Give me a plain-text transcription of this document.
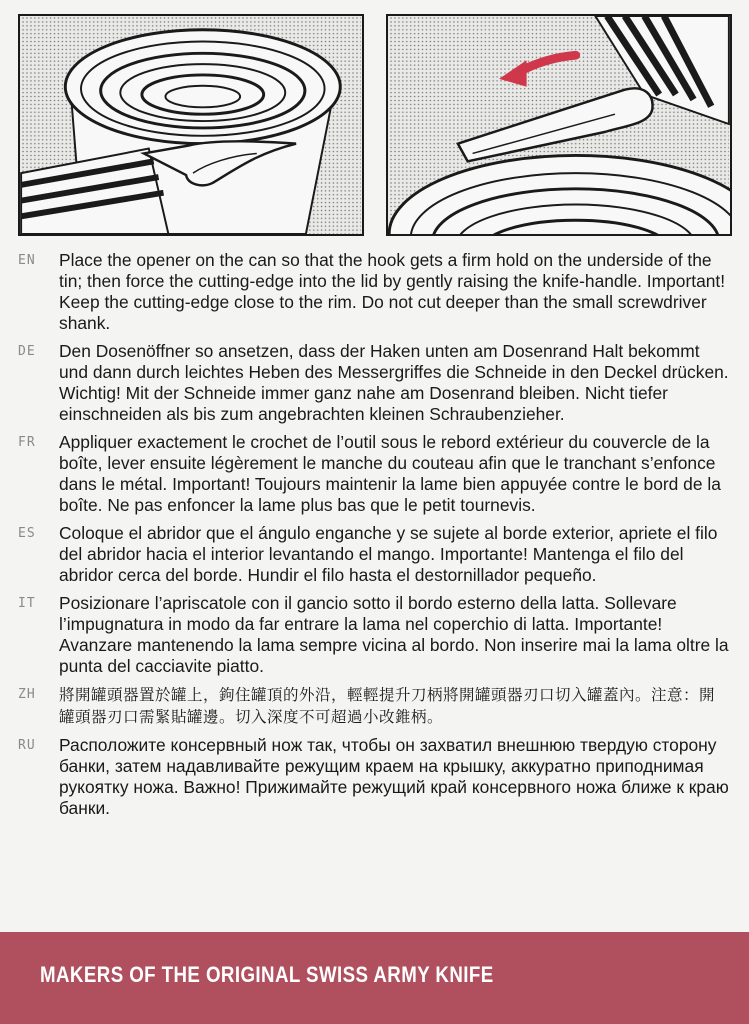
EN Place the opener on the can so that the hook gets a firm hold on the underside of the tin; then force the cutting-edge into the lid by gently raising the knife-handle. Important! Keep the cutting-edge close to the rim. Do not cut deeper than the small screwdriver shank.

DE Den Dosenöffner so ansetzen, dass der Haken unten am Dosenrand Halt bekommt und dann durch leichtes Heben des Messergriffes die Schneide in den Deckel drücken. Wichtig! Mit der Schneide immer ganz nahe am Dosenrand bleiben. Nicht tiefer einschneiden als bis zum angebrachten kleinen Schraubenzieher.

FR Appliquer exactement le crochet de l’outil sous le rebord extérieur du couvercle de la boîte, lever ensuite légèrement le manche du couteau afin que le tranchant s’enfonce dans le métal. Important! Toujours maintenir la lame bien appuyée contre le bord de la boîte. Ne pas enfoncer la lame plus bas que le petit tournevis.

ES Coloque el abridor que el ángulo enganche y se sujete al borde exterior, apriete el filo del abridor hacia el interior levantando el mango. Importante! Mantenga el filo del abridor cerca del borde. Hundir el filo hasta el destornillador pequeño.

IT Posizionare l’apriscatole con il gancio sotto il bordo esterno della latta. Sollevare l’impugnatura in modo da far entrare la lama nel coperchio di latta. Importante! Avanzare mantenendo la lama sempre vicina al bordo. Non inserire mai la lama oltre la punta del cacciavite piatto.

ZH 將開罐頭器置於罐上，鉤住罐頂的外沿，輕輕提升刀柄將開罐頭器刃口切入罐蓋內。注意：開罐頭器刃口需緊貼罐邊。切入深度不可超過小改錐柄。

RU Расположите консервный нож так, чтобы он захватил внешнюю твердую сторону банки, затем надавливайте режущим краем на крышку, аккуратно приподнимая рукоятку ножа. Важно! Прижимайте режущий край консервного ножа ближе к краю банки.

MAKERS OF THE ORIGINAL SWISS ARMY KNIFE
